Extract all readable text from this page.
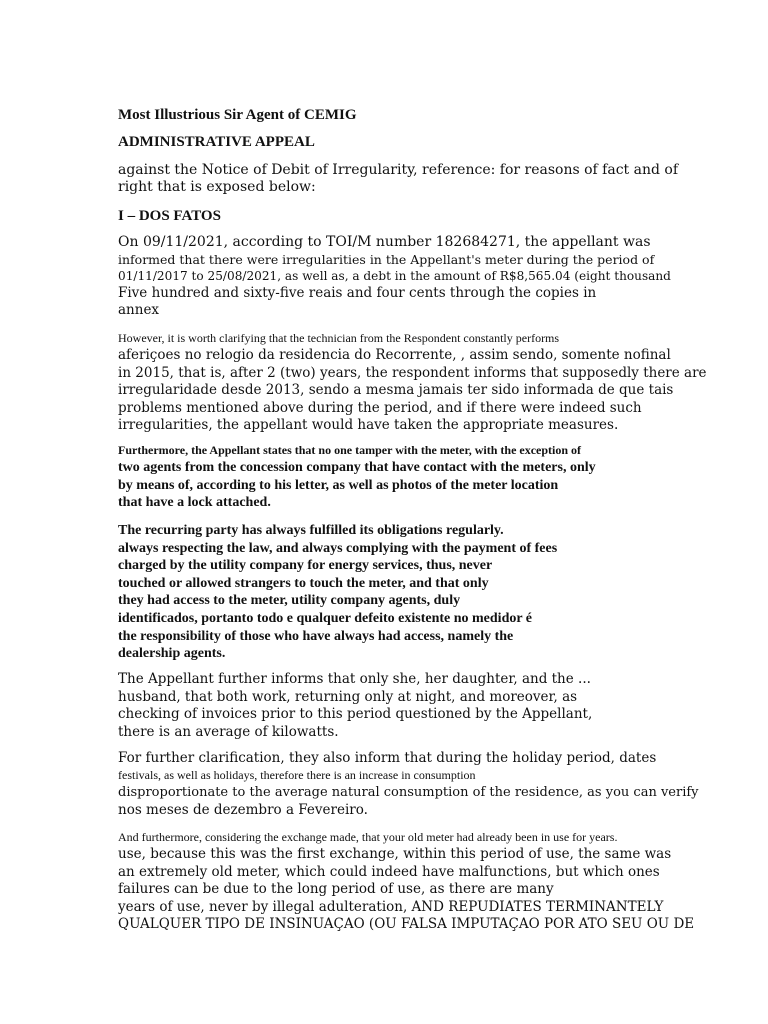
Most Illustrious Sir Agent of CEMIG
ADMINISTRATIVE APPEAL
against the Notice of Debit of Irregularity, reference: for reasons of fact and of
right that is exposed below:
I – DOS FATOS
On 09/11/2021, according to TOI/M number 182684271, the appellant was
informed that there were irregularities in the Appellant's meter during the period of
01/11/2017 to 25/08/2021, as well as, a debt in the amount of R$8,565.04 (eight thousand
Five hundred and sixty-five reais and four cents through the copies in
annex
However, it is worth clarifying that the technician from the Respondent constantly performs
aferiçoes no relogio da residencia do Recorrente, , assim sendo, somente nofinal
in 2015, that is, after 2 (two) years, the respondent informs that supposedly there are
irregularidade desde 2013, sendo a mesma jamais ter sido informada de que tais
problems mentioned above during the period, and if there were indeed such
irregularities, the appellant would have taken the appropriate measures.
Furthermore, the Appellant states that no one tamper with the meter, with the exception of
two agents from the concession company that have contact with the meters, only
by means of, according to his letter, as well as photos of the meter location
that have a lock attached.
The recurring party has always fulfilled its obligations regularly.
always respecting the law, and always complying with the payment of fees
charged by the utility company for energy services, thus, never
touched or allowed strangers to touch the meter, and that only
they had access to the meter, utility company agents, duly
identificados, portanto todo e qualquer defeito existente no medidor é
the responsibility of those who have always had access, namely the
dealership agents.
The Appellant further informs that only she, her daughter, and the ...
husband, that both work, returning only at night, and moreover, as
checking of invoices prior to this period questioned by the Appellant,
there is an average of kilowatts.
For further clarification, they also inform that during the holiday period, dates
festivals, as well as holidays, therefore there is an increase in consumption
disproportionate to the average natural consumption of the residence, as you can verify
nos meses de dezembro a Fevereiro.
And furthermore, considering the exchange made, that your old meter had already been in use for years.
use, because this was the first exchange, within this period of use, the same was
an extremely old meter, which could indeed have malfunctions, but which ones
failures can be due to the long period of use, as there are many
years of use, never by illegal adulteration, AND REPUDIATES TERMINANTELY
QUALQUER TIPO DE INSINUAÇAO (OU FALSA IMPUTAÇAO POR ATO SEU OU DE
